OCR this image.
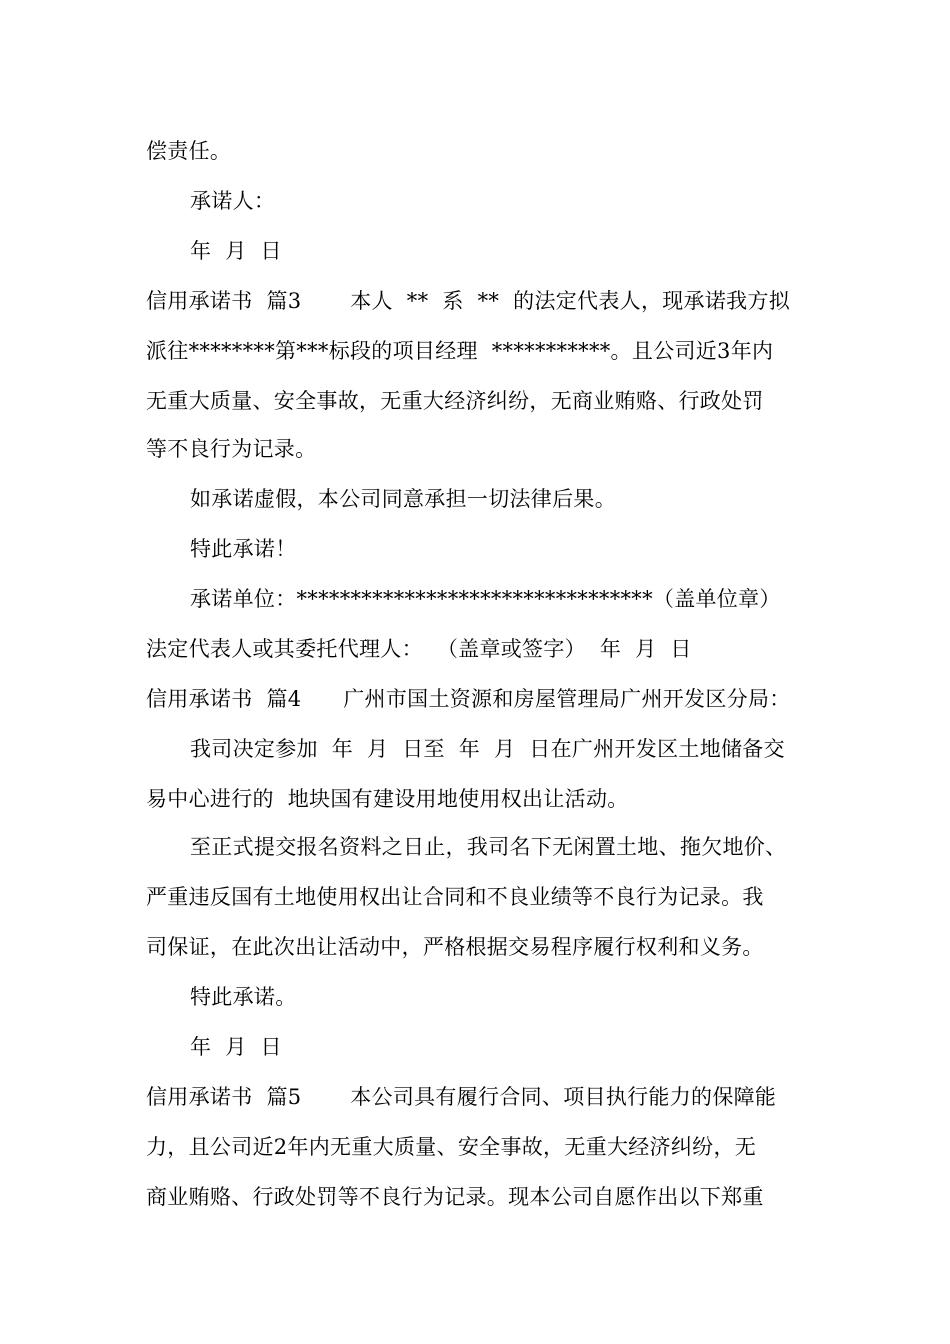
偿责任。
承诺人：
年  月  日
信用承诺书  篇3       本人  **  系  **  的法定代表人，现承诺我方拟
派往********第***标段的项目经理  ***********。且公司近3年内
无重大质量、安全事故，无重大经济纠纷，无商业贿赂、行政处罚
等不良行为记录。
如承诺虚假，本公司同意承担一切法律后果。
特此承诺！
承诺单位：*********************************（盖单位章）
法定代表人或其委托代理人：  （盖章或签字）  年  月  日
信用承诺书  篇4      广州市国土资源和房屋管理局广州开发区分局：
我司决定参加  年  月  日至  年  月  日在广州开发区土地储备交
易中心进行的  地块国有建设用地使用权出让活动。
至正式提交报名资料之日止，我司名下无闲置土地、拖欠地价、
严重违反国有土地使用权出让合同和不良业绩等不良行为记录。我
司保证，在此次出让活动中，严格根据交易程序履行权利和义务。
特此承诺。
年  月  日
信用承诺书  篇5       本公司具有履行合同、项目执行能力的保障能
力，且公司近2年内无重大质量、安全事故，无重大经济纠纷，无
商业贿赂、行政处罚等不良行为记录。现本公司自愿作出以下郑重
